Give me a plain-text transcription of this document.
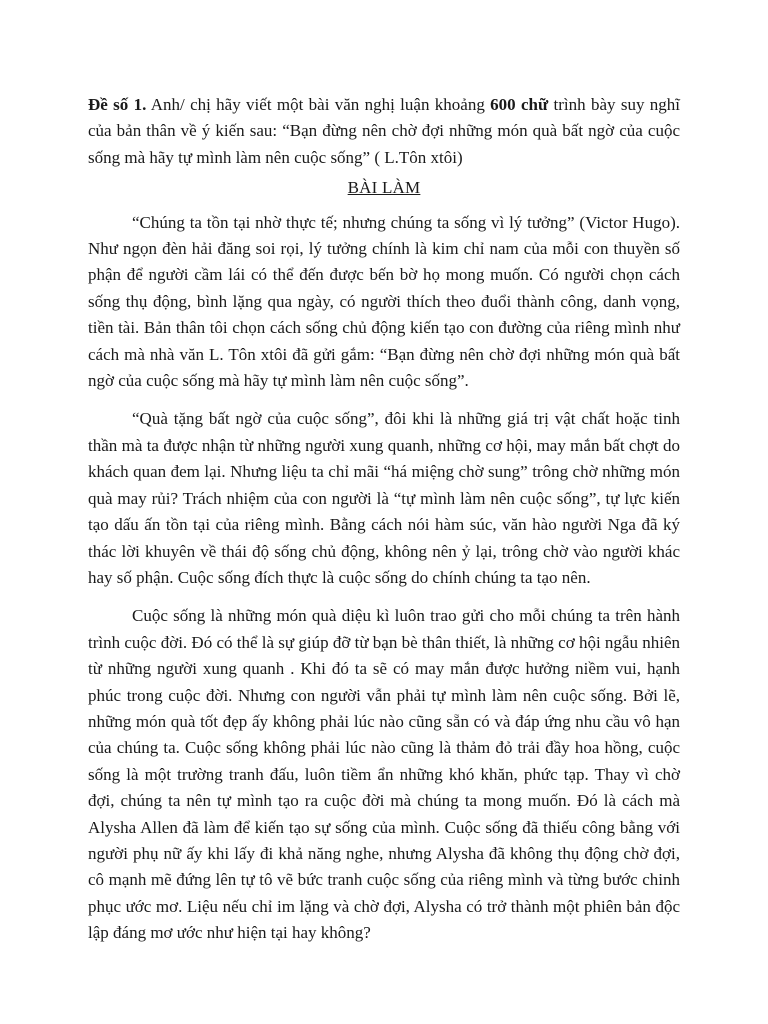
Đề số 1. Anh/ chị hãy viết một bài văn nghị luận khoảng 600 chữ trình bày suy nghĩ của bản thân về ý kiến sau: “Bạn đừng nên chờ đợi những món quà bất ngờ của cuộc sống mà hãy tự mình làm nên cuộc sống” ( L.Tôn xtôi)

BÀI LÀM

“Chúng ta tồn tại nhờ thực tế; nhưng chúng ta sống vì lý tưởng” (Victor Hugo). Như ngọn đèn hải đăng soi rọi, lý tưởng chính là kim chỉ nam của mỗi con thuyền số phận để người cầm lái có thể đến được bến bờ họ mong muốn. Có người chọn cách sống thụ động, bình lặng qua ngày, có người thích theo đuổi thành công, danh vọng, tiền tài. Bản thân tôi chọn cách sống chủ động kiến tạo con đường của riêng mình như cách mà nhà văn L. Tôn xtôi đã gửi gắm: “Bạn đừng nên chờ đợi những món quà bất ngờ của cuộc sống mà hãy tự mình làm nên cuộc sống”.

“Quà tặng bất ngờ của cuộc sống”, đôi khi là những giá trị vật chất hoặc tinh thần mà ta được nhận từ những người xung quanh, những cơ hội, may mắn bất chợt do khách quan đem lại. Nhưng liệu ta chỉ mãi “há miệng chờ sung” trông chờ những món quà may rủi? Trách nhiệm của con người là “tự mình làm nên cuộc sống”, tự lực kiến tạo dấu ấn tồn tại của riêng mình. Bằng cách nói hàm súc, văn hào người Nga đã ký thác lời khuyên về thái độ sống chủ động, không nên ỷ lại, trông chờ vào người khác hay số phận. Cuộc sống đích thực là cuộc sống do chính chúng ta tạo nên.

Cuộc sống là những món quà diệu kì luôn trao gửi cho mỗi chúng ta trên hành trình cuộc đời. Đó có thể là sự giúp đỡ từ bạn bè thân thiết, là những cơ hội ngẫu nhiên từ những người xung quanh . Khi đó ta sẽ có may mắn được hưởng niềm vui, hạnh phúc trong cuộc đời. Nhưng con người vẫn phải tự mình làm nên cuộc sống. Bởi lẽ, những món quà tốt đẹp ấy không phải lúc nào cũng sẵn có và đáp ứng nhu cầu vô hạn của chúng ta. Cuộc sống không phải lúc nào cũng là thảm đỏ trải đầy hoa hồng, cuộc sống là một trường tranh đấu, luôn tiềm ẩn những khó khăn, phức tạp. Thay vì chờ đợi, chúng ta nên tự mình tạo ra cuộc đời mà chúng ta mong muốn. Đó là cách mà Alysha Allen đã làm để kiến tạo sự sống của mình. Cuộc sống đã thiếu công bằng với người phụ nữ ấy khi lấy đi khả năng nghe, nhưng Alysha đã không thụ động chờ đợi, cô mạnh mẽ đứng lên tự tô vẽ bức tranh cuộc sống của riêng mình và từng bước chinh phục ước mơ. Liệu nếu chỉ im lặng và chờ đợi, Alysha có trở thành một phiên bản độc lập đáng mơ ước như hiện tại hay không?
